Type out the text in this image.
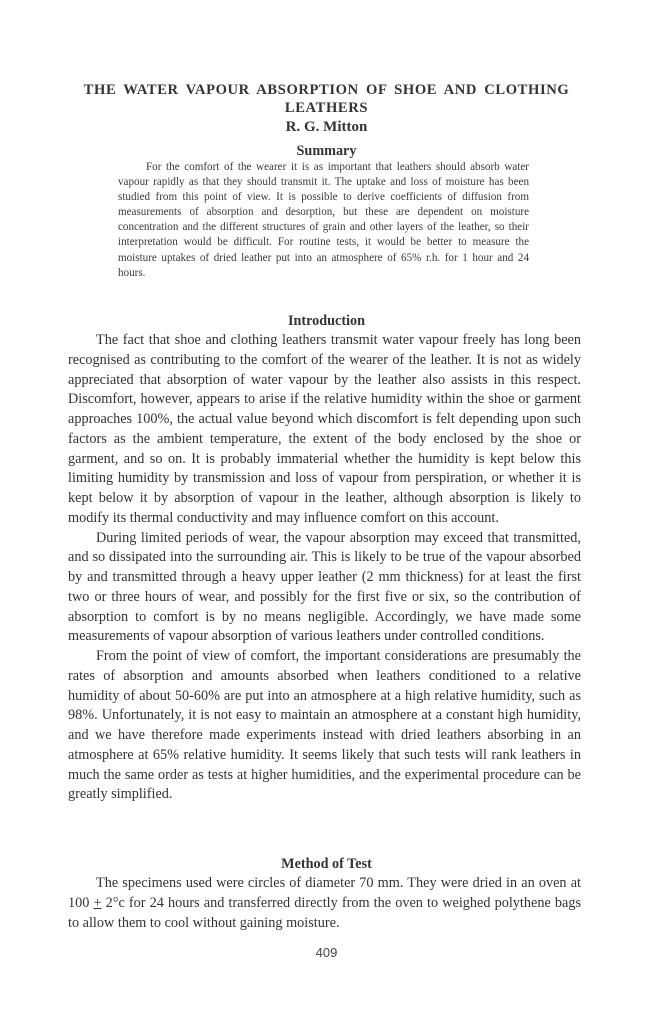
THE WATER VAPOUR ABSORPTION OF SHOE AND CLOTHING LEATHERS
R. G. Mitton
Summary

For the comfort of the wearer it is as important that leathers should absorb water vapour rapidly as that they should transmit it. The uptake and loss of moisture has been studied from this point of view. It is possible to derive coefficients of diffusion from measurements of absorption and desorption, but these are dependent on moisture concentration and the different structures of grain and other layers of the leather, so their interpretation would be difficult. For routine tests, it would be better to measure the moisture uptakes of dried leather put into an atmosphere of 65% r.h. for 1 hour and 24 hours.

Introduction

The fact that shoe and clothing leathers transmit water vapour freely has long been recognised as contributing to the comfort of the wearer of the leather. It is not as widely appreciated that absorption of water vapour by the leather also assists in this respect. Discomfort, however, appears to arise if the relative humidity within the shoe or garment approaches 100%, the actual value beyond which discomfort is felt depending upon such factors as the ambient temperature, the extent of the body enclosed by the shoe or garment, and so on. It is probably immaterial whether the humidity is kept below this limiting humidity by transmission and loss of vapour from perspiration, or whether it is kept below it by absorption of vapour in the leather, although absorption is likely to modify its thermal conductivity and may influence comfort on this account.

During limited periods of wear, the vapour absorption may exceed that transmitted, and so dissipated into the surrounding air. This is likely to be true of the vapour absorbed by and transmitted through a heavy upper leather (2 mm thickness) for at least the first two or three hours of wear, and possibly for the first five or six, so the contribution of absorption to comfort is by no means negligible. Accordingly, we have made some measurements of vapour absorption of various leathers under controlled conditions.

From the point of view of comfort, the important considerations are presumably the rates of absorption and amounts absorbed when leathers conditioned to a relative humidity of about 50-60% are put into an atmosphere at a high relative humidity, such as 98%. Unfortunately, it is not easy to maintain an atmosphere at a constant high humidity, and we have therefore made experiments instead with dried leathers absorbing in an atmosphere at 65% relative humidity. It seems likely that such tests will rank leathers in much the same order as tests at higher humidities, and the experimental procedure can be greatly simplified.

Method of Test

The specimens used were circles of diameter 70 mm. They were dried in an oven at 100 + 2°c for 24 hours and transferred directly from the oven to weighed polythene bags to allow them to cool without gaining moisture.

409
